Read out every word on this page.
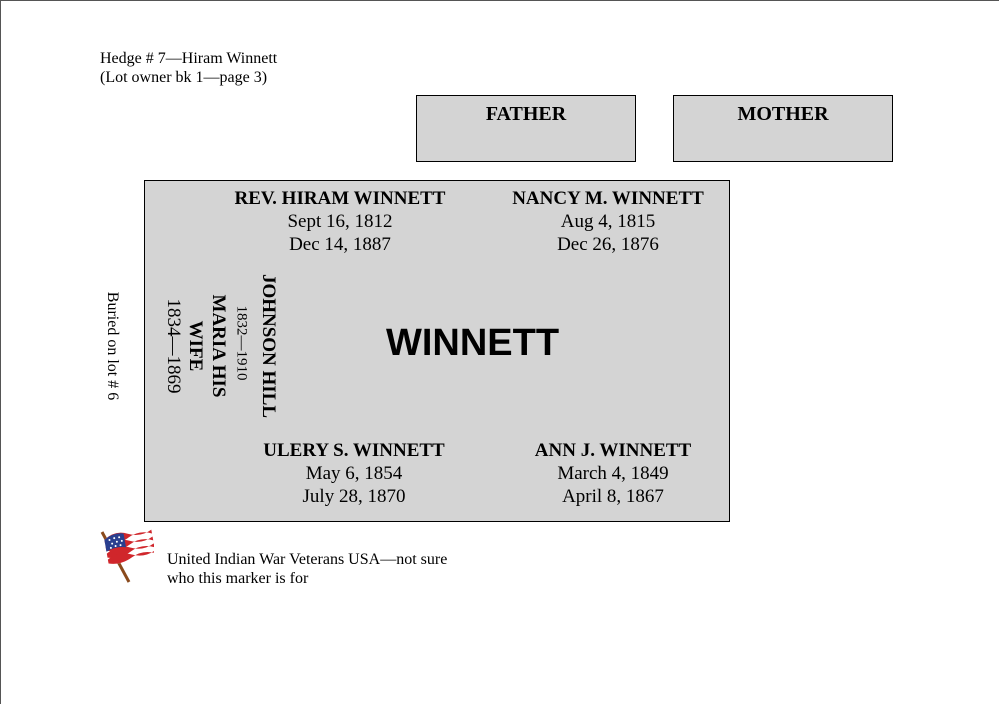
Hedge # 7—Hiram Winnett
(Lot owner bk 1—page 3)
FATHER	MOTHER
REV. HIRAM WINNETT
Sept 16, 1812
Dec 14, 1887
NANCY M. WINNETT
Aug 4, 1815
Dec 26, 1876
ULERY S. WINNETT
May 6, 1854
July 28, 1870
ANN J. WINNETT
March 4, 1849
April 8, 1867
WINNETT
JOHNSON HILL
1832—1910
MARIA HIS
WIFE
1834—1869
Buried on lot # 6
United Indian War Veterans USA—not sure
who this marker is for
